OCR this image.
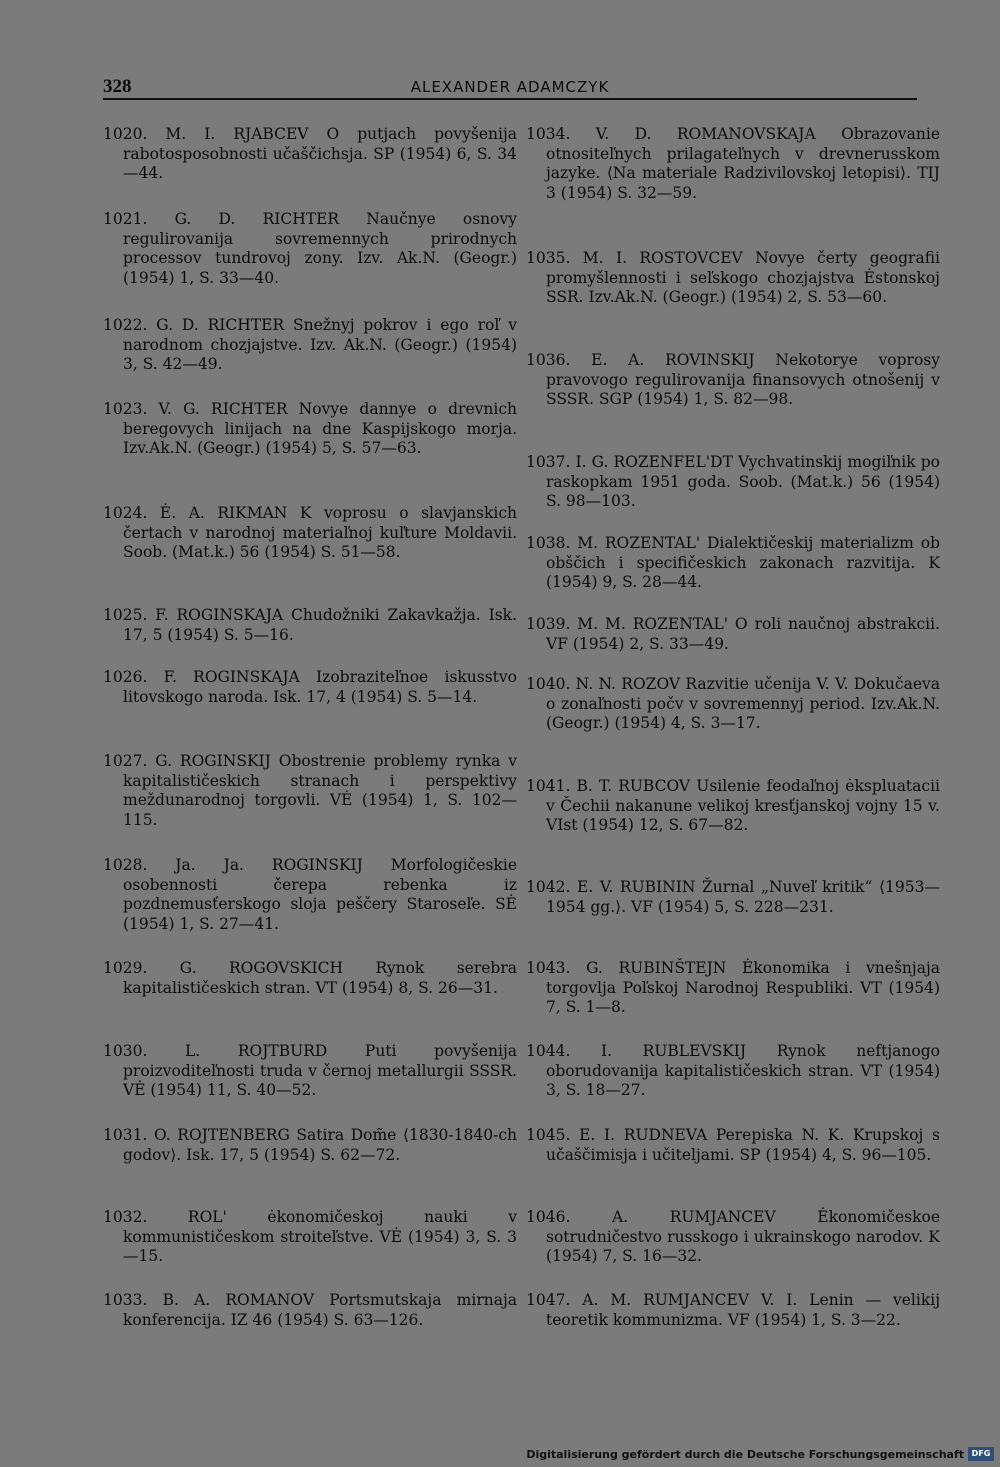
328	ALEXANDER ADAMCZYK

1020. M. I. RJABCEV O putjach povyšenija rabotosposobnosti učaščichsja. SP (1954) 6, S. 34—44.

1021. G. D. RICHTER Naučnye osnovy regulirovanija sovremennych prirodnych processov tundrovoj zony. Izv. Ak.N. (Geogr.) (1954) 1, S. 33—40.

1022. G. D. RICHTER Snežnyj pokrov i ego roľ v narodnom chozjajstve. Izv. Ak.N. (Geogr.) (1954) 3, S. 42—49.

1023. V. G. RICHTER Novye dannye o drevnich beregovych linijach na dne Kaspijskogo morja. Izv.Ak.N. (Geogr.) (1954) 5, S. 57—63.

1024. Ė. A. RIKMAN K voprosu o slavjanskich čertach v narodnoj materiaľnoj kuľture Moldavii. Soob. (Mat.k.) 56 (1954) S. 51—58.

1025. F. ROGINSKAJA Chudožniki Zakavkažja. Isk. 17, 5 (1954) S. 5—16.

1026. F. ROGINSKAJA Izobraziteľnoe iskusstvo litovskogo naroda. Isk. 17, 4 (1954) S. 5—14.

1027. G. ROGINSKIJ Obostrenie problemy rynka v kapitalističeskich stranach i perspektivy meždunarodnoj torgovli. VĖ (1954) 1, S. 102—115.

1028. Ja. Ja. ROGINSKIJ Morfologičeskie osobennosti čerepa rebenka iz pozdnemusťerskogo sloja peščery Staroseľe. SĖ (1954) 1, S. 27—41.

1029. G. ROGOVSKICH Rynok serebra kapitalističeskich stran. VT (1954) 8, S. 26—31.

1030. L. ROJTBURD Puti povyšenija proizvoditeľnosti truda v černoj metallurgii SSSR. VĖ (1954) 11, S. 40—52.

1031. O. ROJTENBERG Satira Dom̃e ⟨1830-1840-ch godov⟩. Isk. 17, 5 (1954) S. 62—72.

1032. ROL' ėkonomičeskoj nauki v kommunističeskom stroiteľstve. VĖ (1954) 3, S. 3—15.

1033. B. A. ROMANOV Portsmutskaja mirnaja konferencija. IZ 46 (1954) S. 63—126.

1034. V. D. ROMANOVSKAJA Obrazovanie otnositeľnych prilagateľnych v drevnerusskom jazyke. ⟨Na materiale Radzivilovskoj letopisi⟩. TIJ 3 (1954) S. 32—59.

1035. M. I. ROSTOVCEV Novye čerty geografii promyšlennosti i seľskogo chozjajstva Ėstonskoj SSR. Izv.Ak.N. (Geogr.) (1954) 2, S. 53—60.

1036. E. A. ROVINSKIJ Nekotorye voprosy pravovogo regulirovanija finansovych otnošenij v SSSR. SGP (1954) 1, S. 82—98.

1037. I. G. ROZENFEL'DT Vychvatinskij mogiľnik po raskopkam 1951 goda. Soob. (Mat.k.) 56 (1954) S. 98—103.

1038. M. ROZENTAL' Dialektičeskij materializm ob obščich i specifičeskich zakonach razvitija. K (1954) 9, S. 28—44.

1039. M. M. ROZENTAL' O roli naučnoj abstrakcii. VF (1954) 2, S. 33—49.

1040. N. N. ROZOV Razvitie učenija V. V. Dokučaeva o zonaľnosti počv v sovremennyj period. Izv.Ak.N. (Geogr.) (1954) 4, S. 3—17.

1041. B. T. RUBCOV Usilenie feodaľnoj ėkspluatacii v Čechii nakanune velikoj kresťjanskoj vojny 15 v. VIst (1954) 12, S. 67—82.

1042. E. V. RUBININ Žurnal „Nuveľ kritik“ ⟨1953—1954 gg.⟩. VF (1954) 5, S. 228—231.

1043. G. RUBINŠTEJN Ėkonomika i vnešnjaja torgovlja Poľskoj Narodnoj Respubliki. VT (1954) 7, S. 1—8.

1044. I. RUBLEVSKIJ Rynok neftjanogo oborudovanija kapitalističeskich stran. VT (1954) 3, S. 18—27.

1045. E. I. RUDNEVA Perepiska N. K. Krupskoj s učaščimisja i učiteljami. SP (1954) 4, S. 96—105.

1046. A. RUMJANCEV Ėkonomičeskoe sotrudničestvo russkogo i ukrainskogo narodov. K (1954) 7, S. 16—32.

1047. A. M. RUMJANCEV V. I. Lenin — velikij teoretik kommunizma. VF (1954) 1, S. 3—22.

Digitalisierung gefördert durch die Deutsche Forschungsgemeinschaft DFG
